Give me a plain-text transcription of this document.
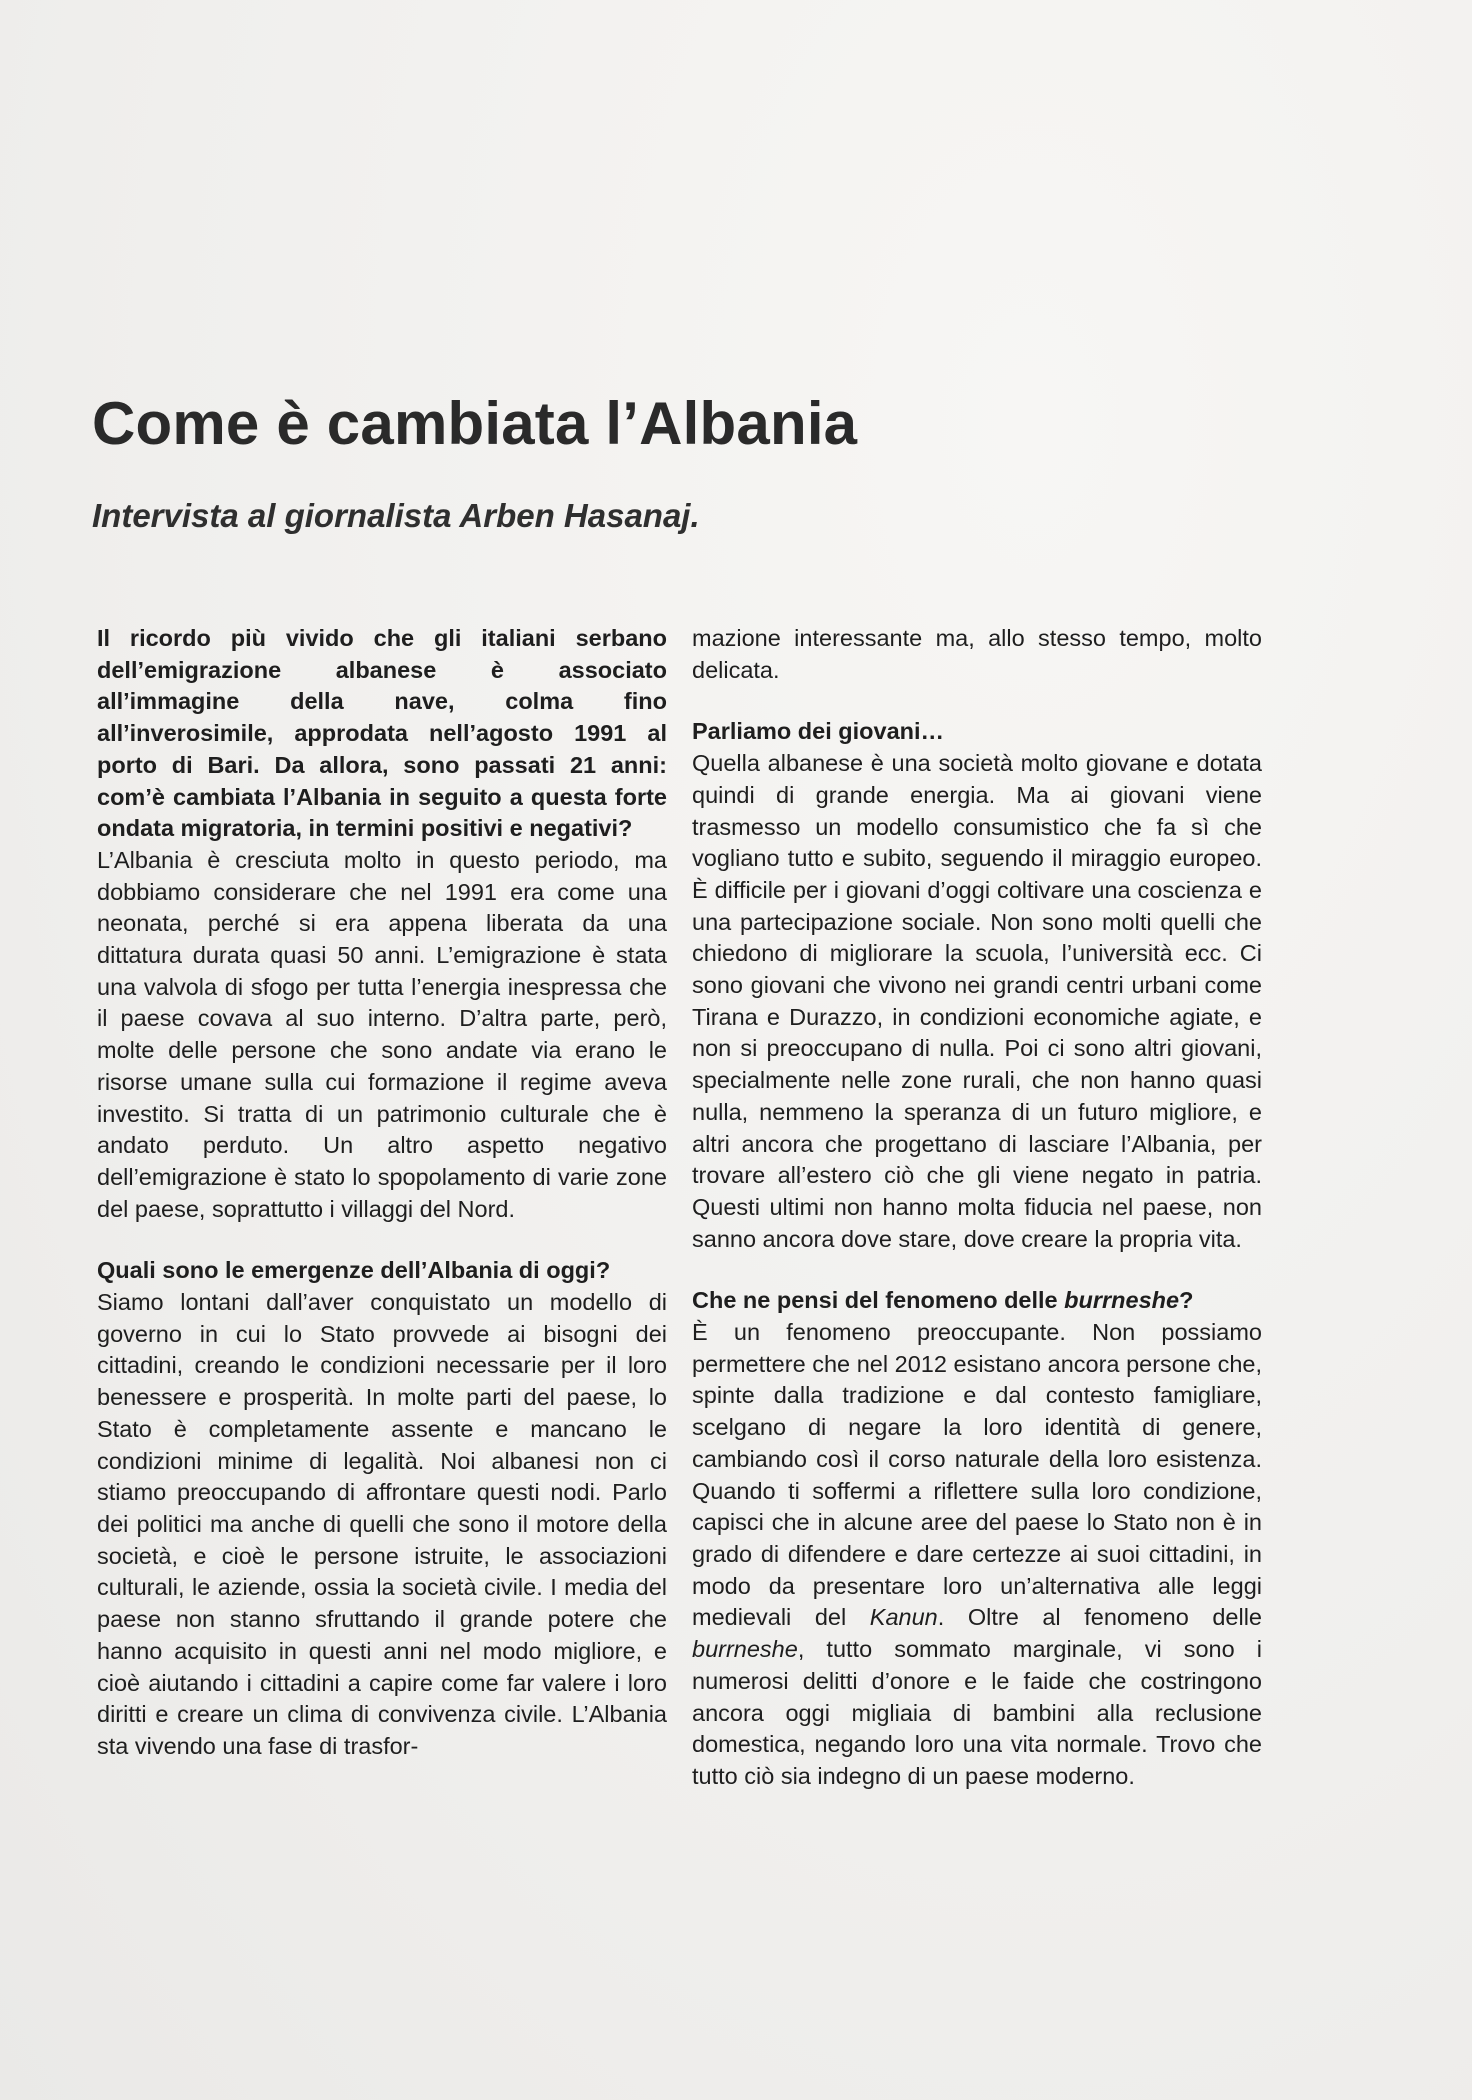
Come è cambiata l’Albania
Intervista al giornalista Arben Hasanaj.

Il ricordo più vivido che gli italiani serbano dell’emigrazione albanese è associato all’immagine della nave, colma fino all’inverosimile, approdata nell’agosto 1991 al porto di Bari. Da allora, sono passati 21 anni: com’è cambiata l’Albania in seguito a questa forte ondata migratoria, in termini positivi e negativi?

L’Albania è cresciuta molto in questo periodo, ma dobbiamo considerare che nel 1991 era come una neonata, perché si era appena liberata da una dittatura durata quasi 50 anni. L’emigrazione è stata una valvola di sfogo per tutta l’energia inespressa che il paese covava al suo interno. D’altra parte, però, molte delle persone che sono andate via erano le risorse umane sulla cui formazione il regime aveva investito. Si tratta di un patrimonio culturale che è andato perduto. Un altro aspetto negativo dell’emigrazione è stato lo spopolamento di varie zone del paese, soprattutto i villaggi del Nord.

Quali sono le emergenze dell’Albania di oggi?

Siamo lontani dall’aver conquistato un modello di governo in cui lo Stato provvede ai bisogni dei cittadini, creando le condizioni necessarie per il loro benessere e prosperità. In molte parti del paese, lo Stato è completamente assente e mancano le condizioni minime di legalità. Noi albanesi non ci stiamo preoccupando di affrontare questi nodi. Parlo dei politici ma anche di quelli che sono il motore della società, e cioè le persone istruite, le associazioni culturali, le aziende, ossia la società civile. I media del paese non stanno sfruttando il grande potere che hanno acquisito in questi anni nel modo migliore, e cioè aiutando i cittadini a capire come far valere i loro diritti e creare un clima di convivenza civile. L’Albania sta vivendo una fase di trasfor-

mazione interessante ma, allo stesso tempo, molto delicata.

Parliamo dei giovani…

Quella albanese è una società molto giovane e dotata quindi di grande energia. Ma ai giovani viene trasmesso un modello consumistico che fa sì che vogliano tutto e subito, seguendo il miraggio europeo. È difficile per i giovani d’oggi coltivare una coscienza e una partecipazione sociale. Non sono molti quelli che chiedono di migliorare la scuola, l’università ecc. Ci sono giovani che vivono nei grandi centri urbani come Tirana e Durazzo, in condizioni economiche agiate, e non si preoccupano di nulla. Poi ci sono altri giovani, specialmente nelle zone rurali, che non hanno quasi nulla, nemmeno la speranza di un futuro migliore, e altri ancora che progettano di lasciare l’Albania, per trovare all’estero ciò che gli viene negato in patria. Questi ultimi non hanno molta fiducia nel paese, non sanno ancora dove stare, dove creare la propria vita.

Che ne pensi del fenomeno delle burrneshe?

È un fenomeno preoccupante. Non possiamo permettere che nel 2012 esistano ancora persone che, spinte dalla tradizione e dal contesto famigliare, scelgano di negare la loro identità di genere, cambiando così il corso naturale della loro esistenza. Quando ti soffermi a riflettere sulla loro condizione, capisci che in alcune aree del paese lo Stato non è in grado di difendere e dare certezze ai suoi cittadini, in modo da presentare loro un’alternativa alle leggi medievali del Kanun. Oltre al fenomeno delle burrneshe, tutto sommato marginale, vi sono i numerosi delitti d’onore e le faide che costringono ancora oggi migliaia di bambini alla reclusione domestica, negando loro una vita normale. Trovo che tutto ciò sia indegno di un paese moderno.
